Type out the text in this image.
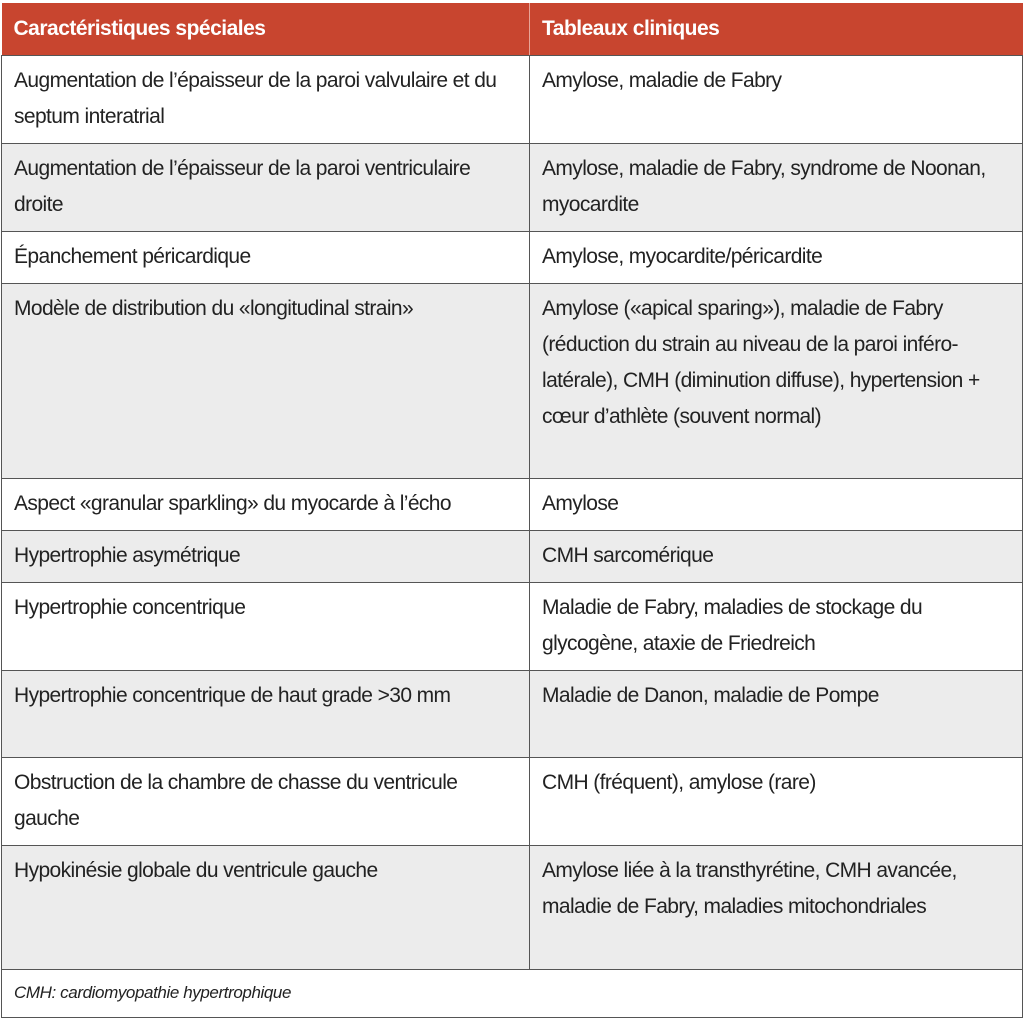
Caractéristiques spéciales	Tableaux cliniques
Augmentation de l’épaisseur de la paroi valvulaire et du septum interatrial	Amylose, maladie de Fabry
Augmentation de l’épaisseur de la paroi ventriculaire droite	Amylose, maladie de Fabry, syndrome de Noonan, myocardite
Épanchement péricardique	Amylose, myocardite/péricardite
Modèle de distribution du «longitudinal strain»	Amylose («apical sparing»), maladie de Fabry (réduction du strain au niveau de la paroi inféro-latérale), CMH (diminution diffuse), hypertension + cœur d’athlète (souvent normal)
Aspect «granular sparkling» du myocarde à l’écho	Amylose
Hypertrophie asymétrique	CMH sarcomérique
Hypertrophie concentrique	Maladie de Fabry, maladies de stockage du glycogène, ataxie de Friedreich
Hypertrophie concentrique de haut grade >30 mm	Maladie de Danon, maladie de Pompe
Obstruction de la chambre de chasse du ventricule gauche	CMH (fréquent), amylose (rare)
Hypokinésie globale du ventricule gauche	Amylose liée à la transthyrétine, CMH avancée, maladie de Fabry, maladies mitochondriales
CMH: cardiomyopathie hypertrophique	
